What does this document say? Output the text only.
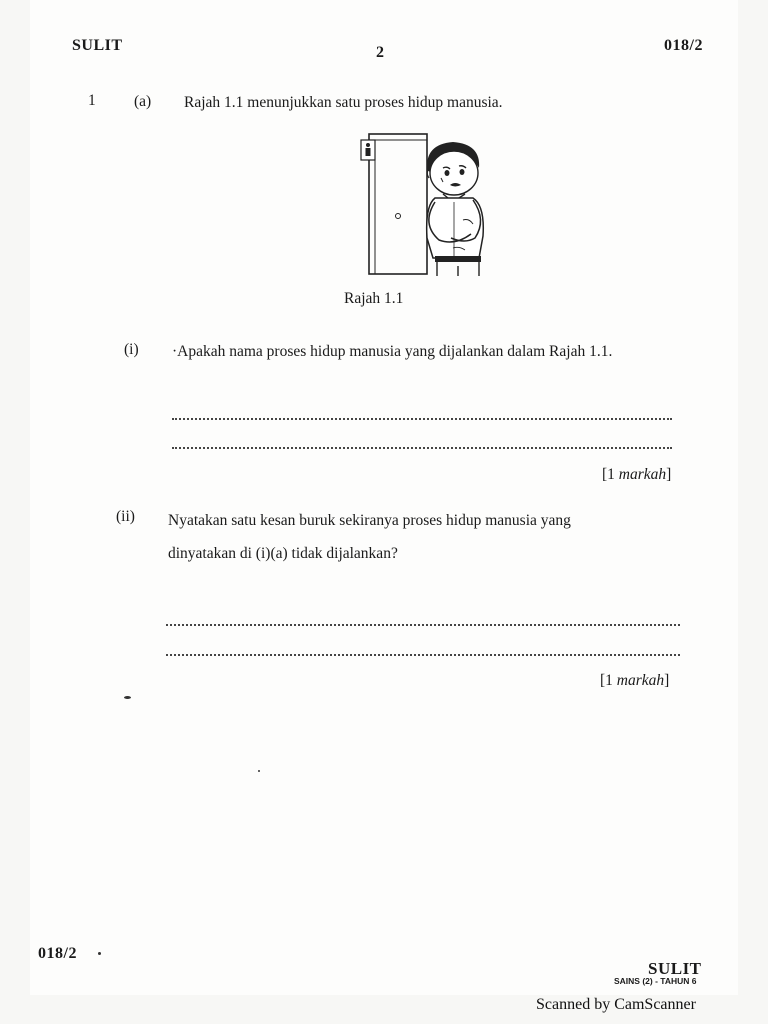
SULIT	2	018/2
1 (a) Rajah 1.1 menunjukkan satu proses hidup manusia.
Rajah 1.1
(i) ·Apakah nama proses hidup manusia yang dijalankan dalam Rajah 1.1.
[1 markah]
(ii) Nyatakan satu kesan buruk sekiranya proses hidup manusia yang
dinyatakan di (i)(a) tidak dijalankan?
[1 markah]
018/2
SULIT
SAINS (2) - TAHUN 6
Scanned by CamScanner
